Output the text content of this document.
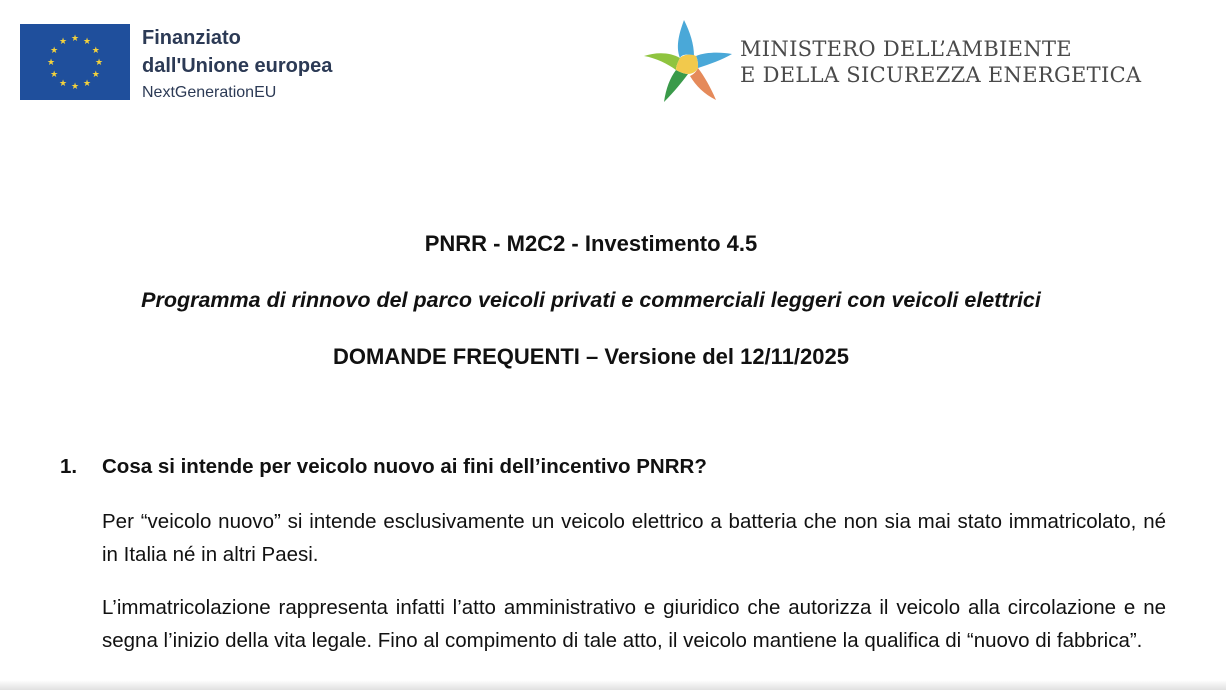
★ ★
★
★
★
★
★
★
★
★
★
★	Finanziato
dall'Unione europea
NextGenerationEU
MINISTERO DELL’AMBIENTE
E DELLA SICUREZZA ENERGETICA
PNRR - M2C2 - Investimento 4.5
Programma di rinnovo del parco veicoli privati e commerciali leggeri con veicoli elettrici
DOMANDE FREQUENTI – Versione del 12/11/2025
1.	Cosa si intende per veicolo nuovo ai fini dell’incentivo PNRR?
Per “veicolo nuovo” si intende esclusivamente un veicolo elettrico a batteria che non sia mai stato immatricolato, né in Italia né in altri Paesi.
L’immatricolazione rappresenta infatti l’atto amministrativo e giuridico che autorizza il veicolo alla circolazione e ne segna l’inizio della vita legale. Fino al compimento di tale atto, il veicolo mantiene la qualifica di “nuovo di fabbrica”.
